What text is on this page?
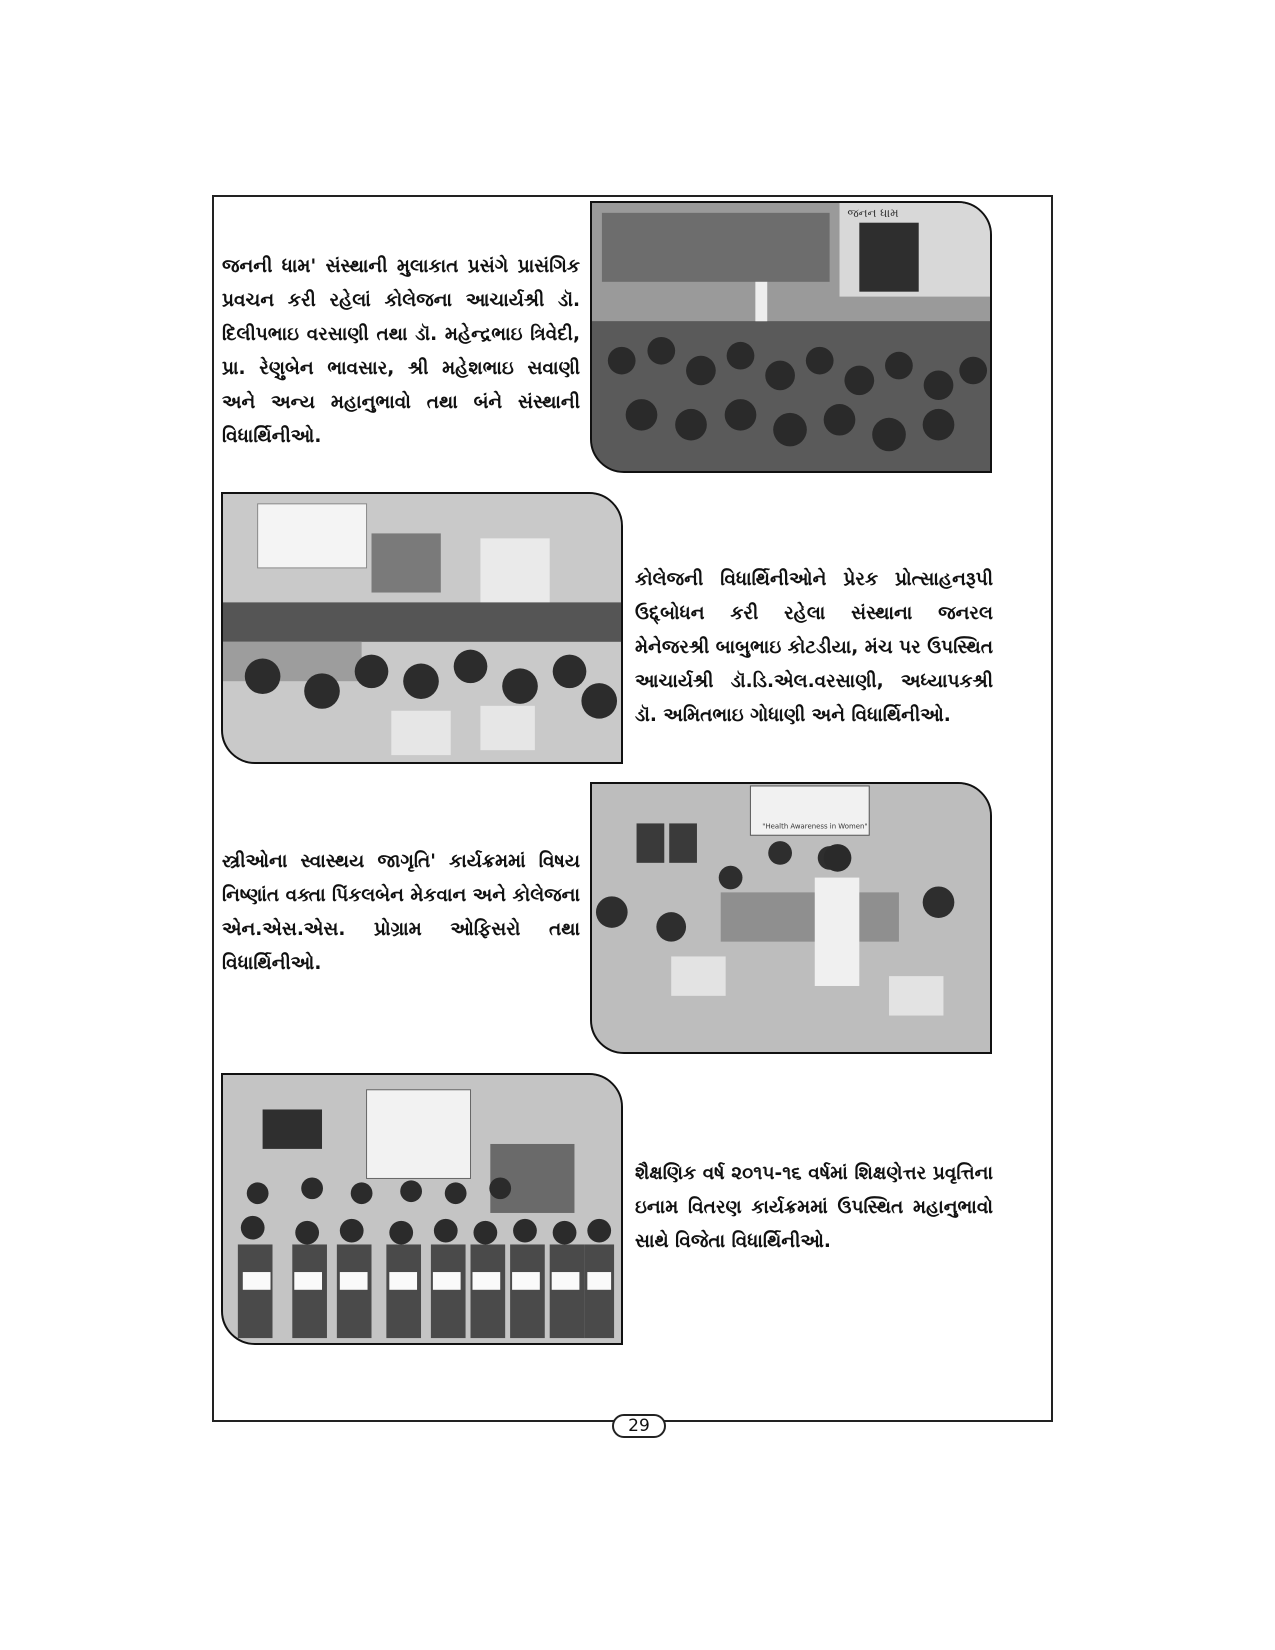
જનની ધામ' સંસ્થાની મુલાકાત પ્રસંગે પ્રાસંગિક પ્રવચન કરી રહેલાં કોલેજના આચાર્યશ્રી ડૉ. દિલીપભાઇ વરસાણી તથા ડૉ. મહેન્દ્રભાઇ ત્રિવેદી, પ્રા. રેણુબેન ભાવસાર, શ્રી મહેશભાઇ સવાણી અને અન્ય મહાનુભાવો તથા બંને સંસ્થાની વિધાર્થિનીઓ.

જનન ધામ

કોલેજની વિધાર્થિનીઓને પ્રેરક પ્રોત્સાહનરૂપી ઉદ્દ્બોધન કરી રહેલા સંસ્થાના જનરલ મેનેજરશ્રી બાબુભાઇ કોટડીયા, મંચ પર ઉપસ્થિત આચાર્યશ્રી ડૉ.ડિ.એલ.વરસાણી, અધ્યાપકશ્રી ડૉ. અમિતભાઇ ગોધાણી અને વિધાર્થિનીઓ.

સ્ત્રીઓના સ્વાસ્થય જાગૃતિ' કાર્યક્રમમાં વિષય નિષ્ણાંત વક્તા પિંકલબેન મેકવાન અને કોલેજના એન.એસ.એસ. પ્રોગ્રામ ઓફિસરો તથા વિધાર્થિનીઓ.

"Health Awareness in Women"

શૈક્ષણિક વર્ષ ૨૦૧૫-૧૬ વર્ષમાં શિક્ષણેત્તર પ્રવૃત્તિના ઇનામ વિતરણ કાર્યક્રમમાં ઉપસ્થિત મહાનુભાવો સાથે વિજેતા વિધાર્થિનીઓ.

29
